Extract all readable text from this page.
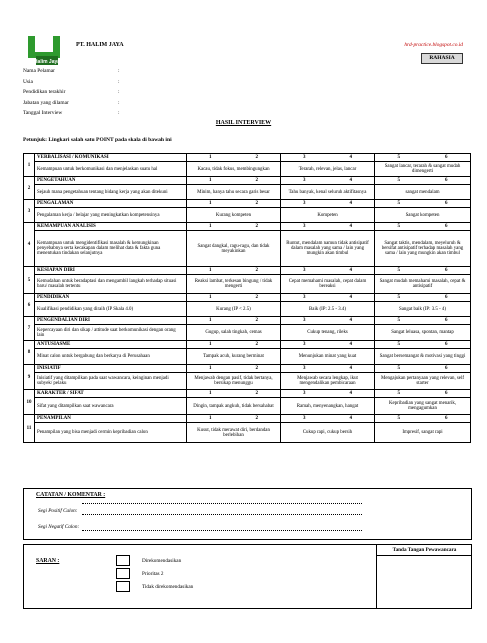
Halim Jaya
PT. HALIM JAYA	hrd-practice.blogspot.co.id
RAHASIA
Nama Pelamar	:
Usia	:
Pendidikan terakhir	:
Jabatan yang dilamar	:
Tanggal Interview	:
HASIL INTERVIEW
Petunjuk: Lingkari salah satu POINT pada skala di bawah ini
1	VERBALISASI / KOMUNIKASI	1	2	3	4	5	6
	Kemampuan untuk berkomunikasi dan menjelaskan suatu hal	Kacau, tidak fokus, membingungkan		Terarah, relevan, jelas, lancar		Sangat lancar, terarah & sangat mudah dimengerti	
2	PENGETAHUAN	1	2	3	4	5	6
	Sejauh mana pengetahuan tentang bidang kerja yang akan ditekuni	Minim, hanya tahu secara garis besar		Tahu banyak, kenal seluruh aktifitasnya		sangat mendalam	
3	PENGALAMAN	1	2	3	4	5	6
	Pengalaman kerja / belajar yang meningkatkan kompetensinya	Kurang kompeten		Kompeten		Sangat kompeten	
4	KEMAMPUAN ANALISIS	1	2	3	4	5	6
	Kemampuan untuk mengidentifikasi masalah & kemungkinan penyebabnya serta kecakapan dalam melihat data & fakta guna menentukan tindakan selanjutnya	Sangat dangkal, ragu-ragu, dan tidak meyakinkan		Runtut, mendalam namun tidak antisipatif dalam masalah yang sama / lain yang mungkin akan timbul		Sangat taktis, mendalam, meyeluruh & bersifat antisipatif terhadap masalah yang sama / lain yang mungkin akan timbul	
5	KESIAPAN DIRI	1	2	3	4	5	6
	Kemudahan untuk beradaptasi dan mengambil langkah terhadap situasi baru/ masalah tertentu	Reaksi lambat, terkesan bingung / tidak mengerti		Cepat memahami masalah, cepat dalam bereaksi		Sangat mudah memahami masalah, cepat & antisipatif	
6	PENDIDIKAN	1	2	3	4	5	6
	Kualifikasi pendidikan yang diraih (IP Skala 4.0)	Kurang (IP < 2.5)		Baik (IP: 2.5 - 3.4)		Sangat baik (IP: 3.5 - 4)	
7	PENGENDALIAN DIRI	1	2	3	4	5	6
	Kepercayaan diri dan sikap / attitude saat berkomunikasi dengan orang lain	Gugup, salah tingkah, cemas		Cukup tenang, rileks		Sangat leluasa, spontan, mantap	
8	ANTUSIASME	1	2	3	4	5	6
	Minat calon untuk bergabung dan berkarya di Perusahaan	Tampak acuh, kurang berminat		Menunjukan minat yang kuat		Sangat bersemangat & motivasi yang tinggi	
9	INISIATIF	1	2	3	4	5	6
	Inisiatif yang ditampilkan pada saat wawancara, keinginan menjadi subyek/ pelaku	Menjawab dengan pasif, tidak bertanya, bersikap menunggu		Menjawab secara lengkap, ikut mengendalikan pembicaraan		Mengajukan pertanyaan yang relevan, self starter	
10	KARAKTER / SIFAT	1	2	3	4	5	6
	Sifat yang ditampilkan saat wawancara	Dingin, tampak angkuh, tidak bersahabat		Ramah, menyenangkan, hangat		Kepribadian yang sangat menarik, mengagumkan	
11	PENAMPILAN	1	2	3	4	5	6
	Penampilan yang bisa menjadi cermin kepribadian calon	Kusut, tidak merawat diri, berdandan berlebihan		Cukup rapi, cukup bersih		Impresif, sangat rapi	
CATATAN / KOMENTAR :
Segi Positif Calon:
Segi Negatif Calon:
SARAN :	Direkomendasikan
Prioritas 2
Tidak direkomendasikan
Tanda Tangan Pewawancara
